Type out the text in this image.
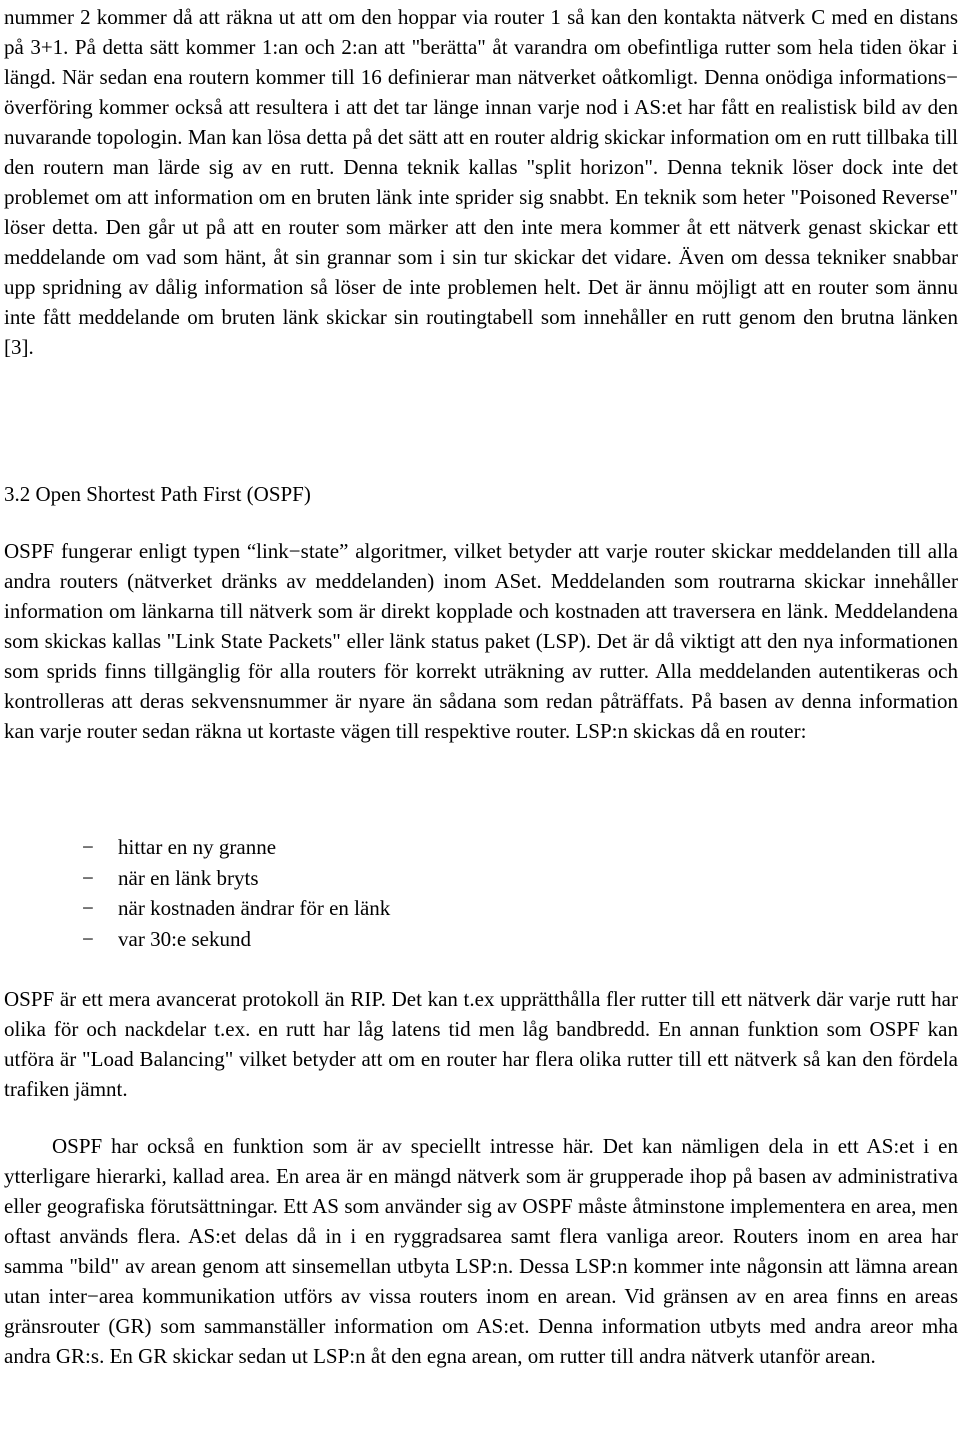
nummer 2 kommer då att räkna ut att om den hoppar via router 1 så kan den kontakta nätverk C med en distans på 3+1. På detta sätt kommer 1:an och 2:an att "berätta" åt varandra om obefintliga rutter som hela tiden ökar i längd. När sedan ena routern kommer till 16 definierar man nätverket oåtkomligt. Denna onödiga informations− överföring kommer också att resultera i att det tar länge innan varje nod i AS:et har fått en realistisk bild av den nuvarande topologin. Man kan lösa detta på det sätt att en router aldrig skickar information om en rutt tillbaka till den routern man lärde sig av en rutt. Denna teknik kallas "split horizon". Denna teknik löser dock inte det problemet om att information om en bruten länk inte sprider sig snabbt. En teknik som heter "Poisoned Reverse" löser detta. Den går ut på att en router som märker att den inte mera kommer åt ett nätverk genast skickar ett meddelande om vad som hänt, åt sin grannar som i sin tur skickar det vidare. Även om dessa tekniker snabbar upp spridning av dålig information så löser de inte problemen helt. Det är ännu möjligt att en router som ännu inte fått meddelande om bruten länk skickar sin routingtabell som innehåller en rutt genom den brutna länken [3].

3.2 Open Shortest Path First (OSPF)

OSPF fungerar enligt typen “link−state” algoritmer, vilket betyder att varje router skickar meddelanden till alla andra routers (nätverket dränks av meddelanden) inom ASet. Meddelanden som routrarna skickar innehåller information om länkarna till nätverk som är direkt kopplade och kostnaden att traversera en länk. Meddelandena som skickas kallas "Link State Packets" eller länk status paket (LSP). Det är då viktigt att den nya informationen som sprids finns tillgänglig för alla routers för korrekt uträkning av rutter. Alla meddelanden autentikeras och kontrolleras att deras sekvensnummer är nyare än sådana som redan påträffats. På basen av denna information kan varje router sedan räkna ut kortaste vägen till respektive router. LSP:n skickas då en router:

− hittar en ny granne
− när en länk bryts
− när kostnaden ändrar för en länk
− var 30:e sekund

OSPF är ett mera avancerat protokoll än RIP. Det kan t.ex upprätthålla fler rutter till ett nätverk där varje rutt har olika för och nackdelar t.ex. en rutt har låg latens tid men låg bandbredd. En annan funktion som OSPF kan utföra är "Load Balancing" vilket betyder att om en router har flera olika rutter till ett nätverk så kan den fördela trafiken jämnt.

OSPF har också en funktion som är av speciellt intresse här. Det kan nämligen dela in ett AS:et i en ytterligare hierarki, kallad area. En area är en mängd nätverk som är grupperade ihop på basen av administrativa eller geografiska förutsättningar. Ett AS som använder sig av OSPF måste åtminstone implementera en area, men oftast används flera. AS:et delas då in i en ryggradsarea samt flera vanliga areor. Routers inom en area har samma "bild" av arean genom att sinsemellan utbyta LSP:n. Dessa LSP:n kommer inte någonsin att lämna arean utan inter−area kommunikation utförs av vissa routers inom en arean. Vid gränsen av en area finns en areas gränsrouter (GR) som sammanställer information om AS:et. Denna information utbyts med andra areor mha andra GR:s. En GR skickar sedan ut LSP:n åt den egna arean, om rutter till andra nätverk utanför arean.
